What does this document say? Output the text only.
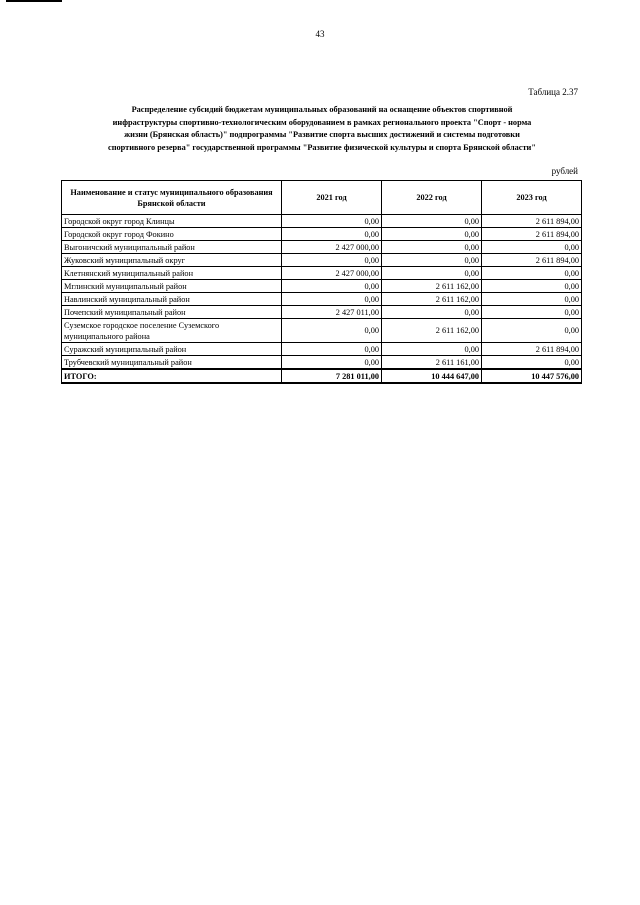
43
Таблица 2.37
Распределение субсидий бюджетам муниципальных образований на оснащение объектов спортивной
инфраструктуры спортивно-технологическим оборудованием в рамках регионального проекта "Спорт - норма
жизни (Брянская область)" подпрограммы "Развитие спорта высших достижений и системы подготовки
спортивного резерва" государственной программы "Развитие физической культуры и спорта Брянской области"
рублей
Наименование и статус муниципального образования Брянской области	2021 год	2022 год	2023 год
Городской округ город Клинцы	0,00	0,00	2 611 894,00
Городской округ город Фокино	0,00	0,00	2 611 894,00
Выгоничский муниципальный район	2 427 000,00	0,00	0,00
Жуковский муниципальный округ	0,00	0,00	2 611 894,00
Клетнянский муниципальный район	2 427 000,00	0,00	0,00
Мглинский муниципальный район	0,00	2 611 162,00	0,00
Навлинский муниципальный район	0,00	2 611 162,00	0,00
Почепский муниципальный район	2 427 011,00	0,00	0,00
Суземское городское поселение Суземского муниципального района	0,00	2 611 162,00	0,00
Суражский муниципальный район	0,00	0,00	2 611 894,00
Трубчевский муниципальный район	0,00	2 611 161,00	0,00
ИТОГО:	7 281 011,00	10 444 647,00	10 447 576,00
